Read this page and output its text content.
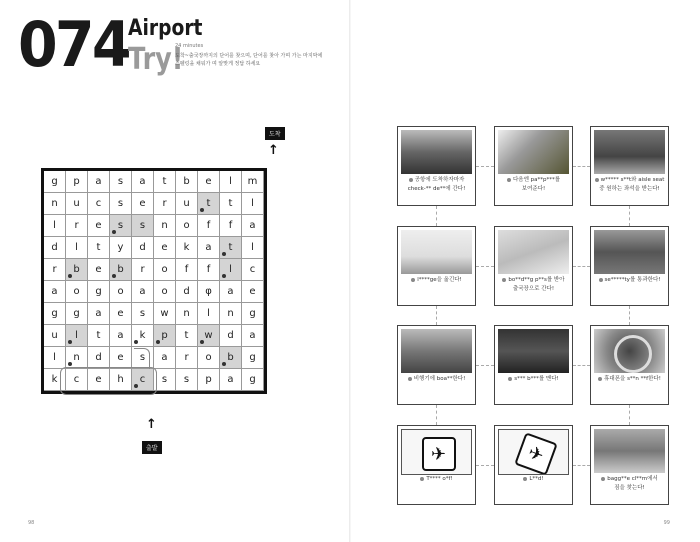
074 Airport
Try!
24 minutes
도착~출국장까지의 단어를 찾으며, 단어를 찾아 가며 가는 마지막에
스펠링을 채워가 며 알맞게 정답 하세요
도착
↑
g	p	a	s	a	t	b	e	l	m
n	u	c	s	e	r	u	t	t	l
l	r	e	s	s	n	o	f	f	a
d	l	t	y	d	e	k	a	t	l
r	b	e	b	r	o	f	f	l	c
a	o	g	o	a	o	d	φ	a	e
g	g	a	e	s	w	n	l	n	g
u	l	t	a	k	p	t	w	d	a
l	n	d	e	s	a	r	o	b	g
k	c	e	h	c	s	s	p	a	g
↑
출발
98	99
공항에 도착하자마자
check-** de**에 간다!
다음엔 pa**p***를
보여준다!
w***** s**t와 aisle seat
중 원하는 좌석을 받는다!
l****ge을 옮긴다!	bo**d**g p**s를 받아
출국장으로 간다!
se*****ty를 통과한다!
비행기에 boa**한다!	s*** b***를 맨다!	휴대폰을 s**n **f한다!
✈
T**** o*f!
✈
L**d!	bagg**e cl**m에서
짐을 찾는다!
